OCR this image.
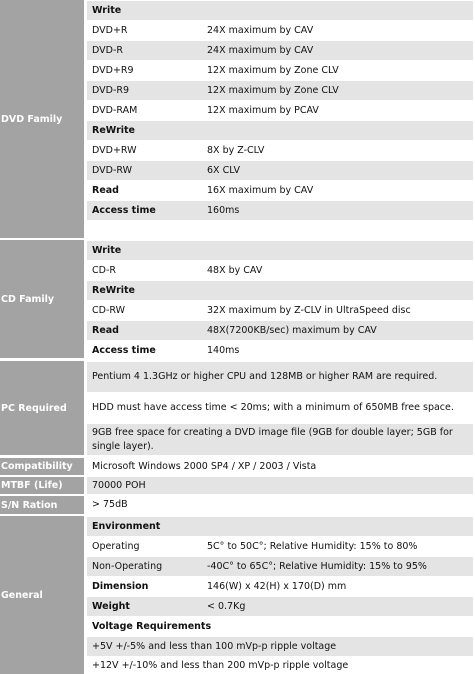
DVD Family
Write
DVD+R	24X maximum by CAV
DVD-R	24X maximum by CAV
DVD+R9	12X maximum by Zone CLV
DVD-R9	12X maximum by Zone CLV
DVD-RAM	12X maximum by PCAV
ReWrite
DVD+RW	8X by Z-CLV
DVD-RW	6X CLV
Read	16X maximum by CAV
Access time	160ms
CD Family
Write
CD-R	48X by CAV
ReWrite
CD-RW	32X maximum by Z-CLV in UltraSpeed disc
Read	48X(7200KB/sec) maximum by CAV
Access time	140ms
PC Required
Pentium 4 1.3GHz or higher CPU and 128MB or higher RAM are required.
HDD must have access time < 20ms; with a minimum of 650MB free space.
9GB free space for creating a DVD image file (9GB for double layer; 5GB for single layer).
Compatibility	Microsoft Windows 2000 SP4 / XP / 2003 / Vista
MTBF (Life)	70000 POH
S/N Ration	> 75dB
General
Environment
Operating	5C° to 50C°; Relative Humidity: 15% to 80%
Non-Operating	-40C° to 65C°; Relative Humidity: 15% to 95%
Dimension	146(W) x 42(H) x 170(D) mm
Weight	< 0.7Kg
Voltage Requirements
+5V +/-5% and less than 100 mVp-p ripple voltage
+12V +/-10% and less than 200 mVp-p ripple voltage
